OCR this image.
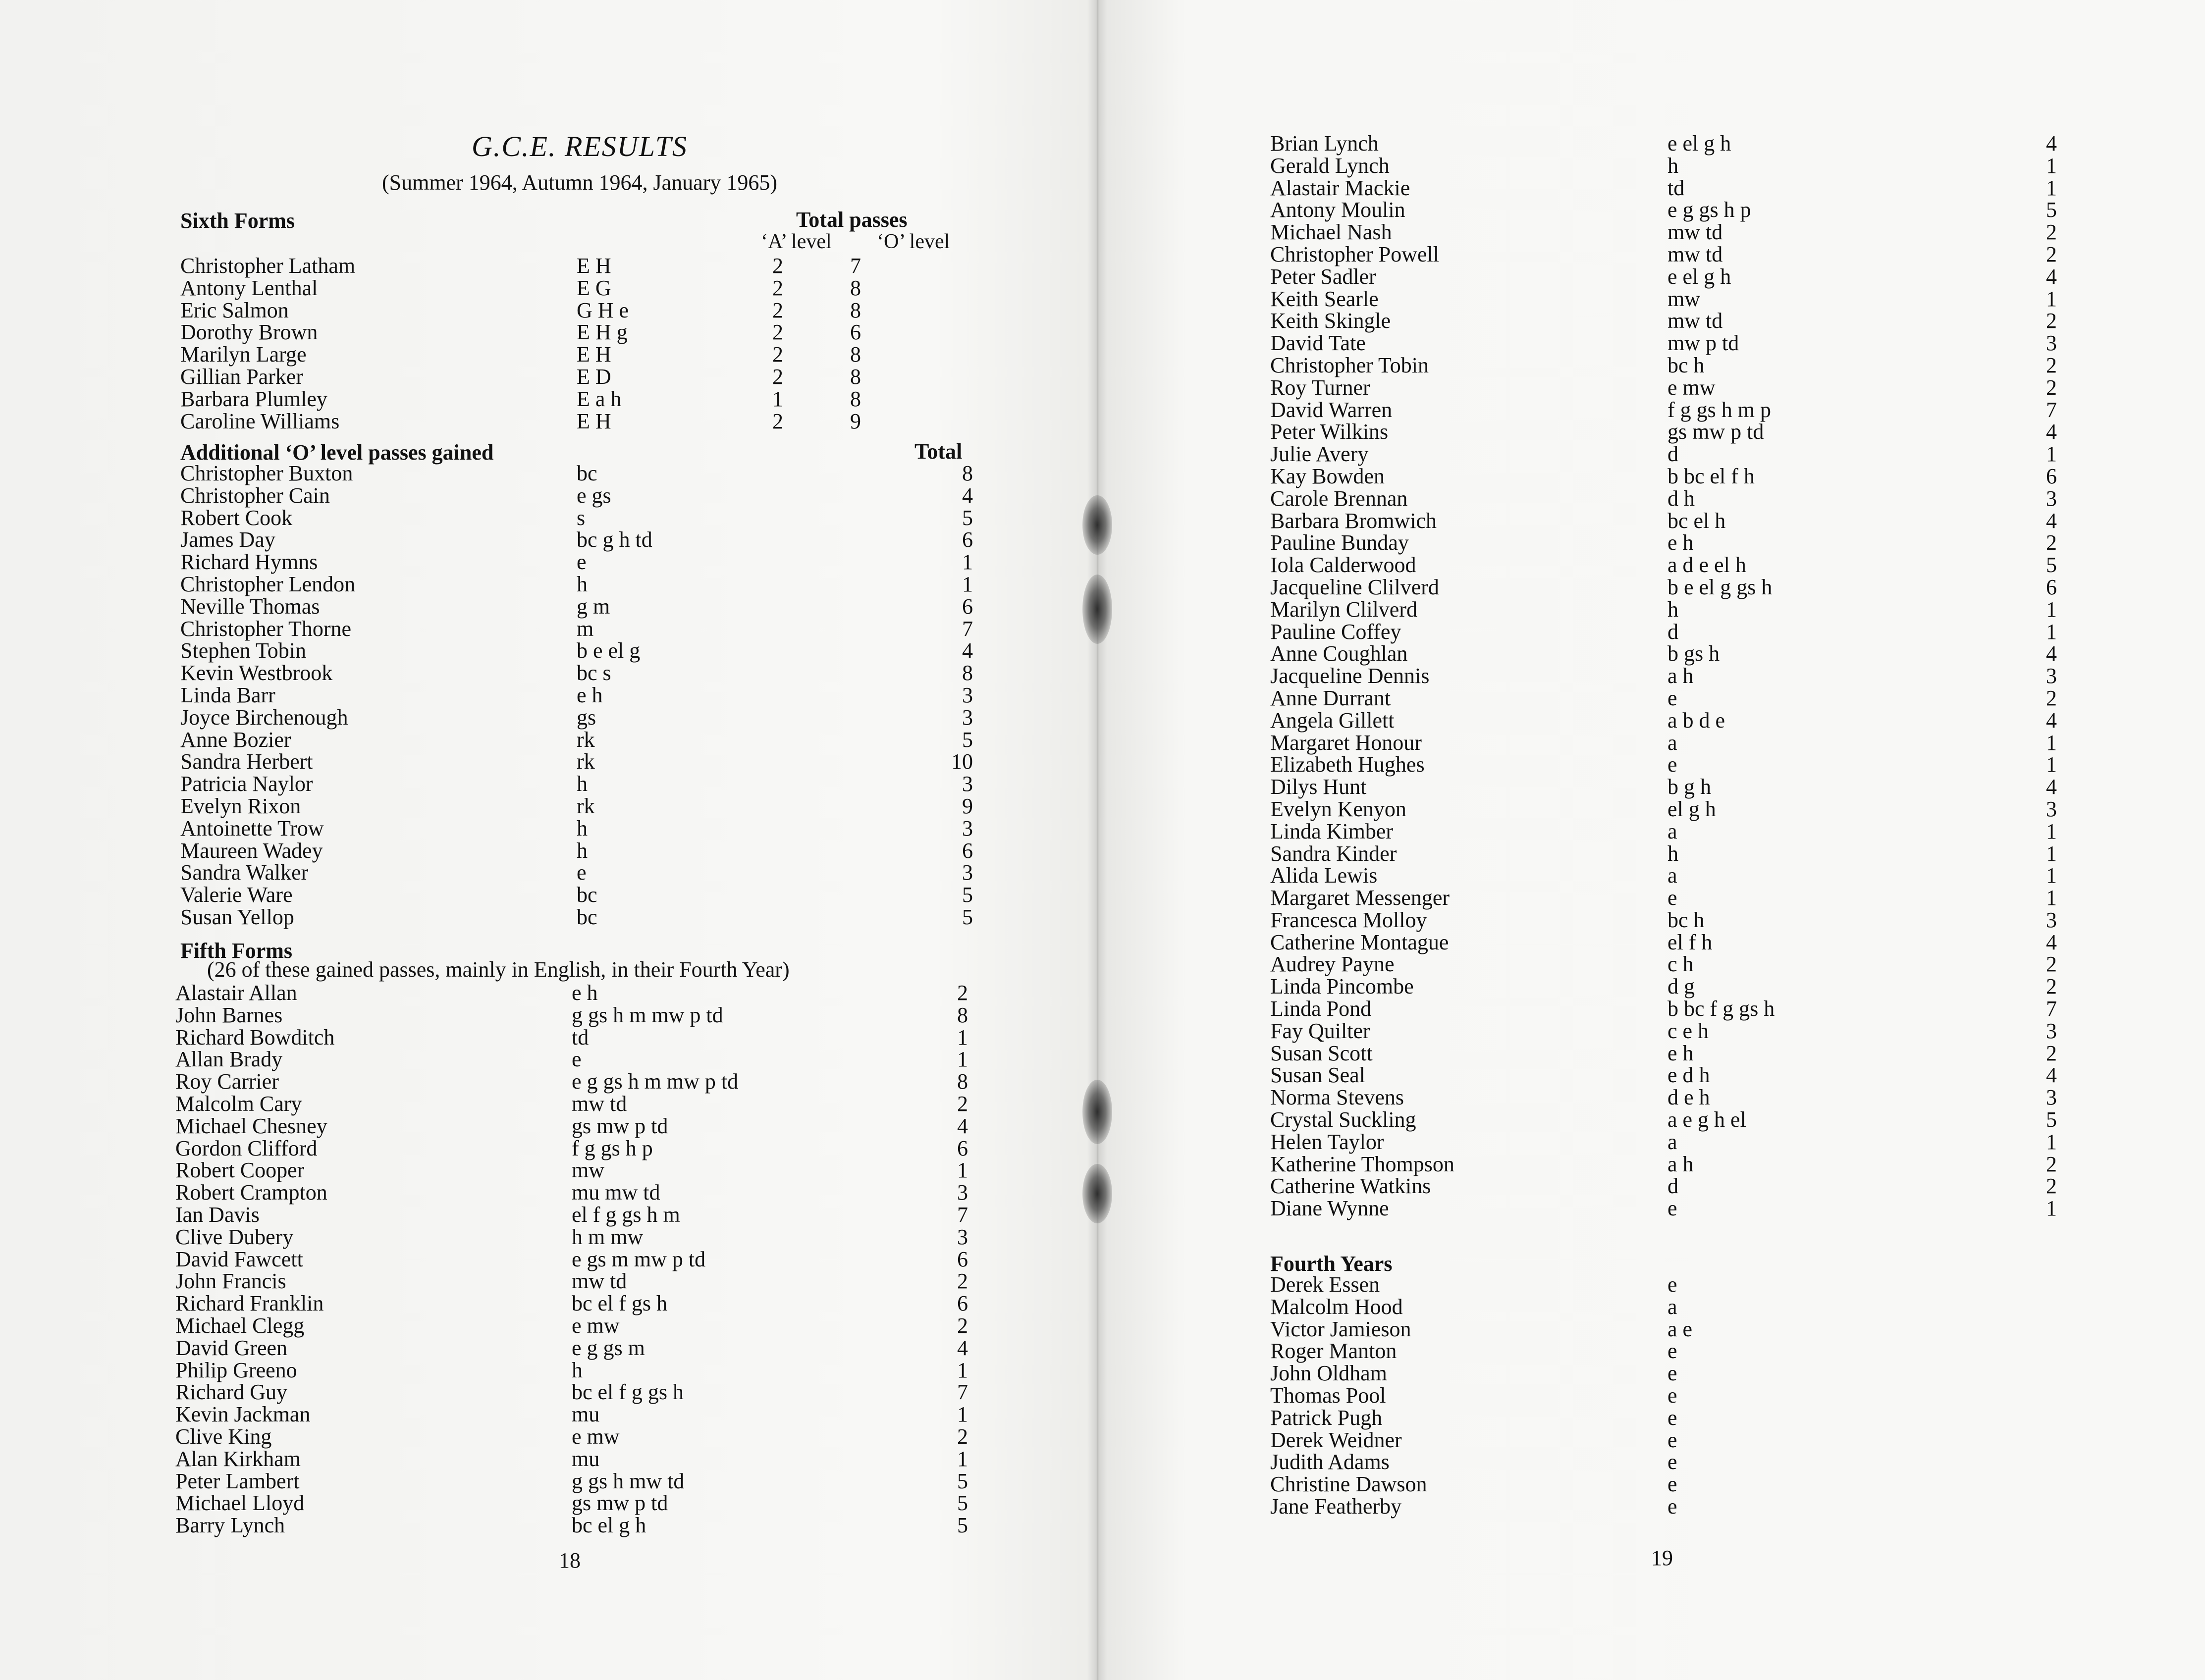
G.C.E. RESULTS
(Summer 1964, Autumn 1964, January 1965)
Sixth Forms	Total passes
‘A’ level ‘O’ level
Christopher Latham	E H	2	7
Antony Lenthal	E G	2	8
Eric Salmon	G H e	2	8
Dorothy Brown	E H g	2	6
Marilyn Large	E H	2	8
Gillian Parker	E D	2	8
Barbara Plumley	E a h	1	8
Caroline Williams	E H	2	9
Additional ‘O’ level passes gained	Total
Christopher Buxton	bc	8
Christopher Cain	e gs	4
Robert Cook	s	5
James Day	bc g h td	6
Richard Hymns	e	1
Christopher Lendon	h	1
Neville Thomas	g m	6
Christopher Thorne	m	7
Stephen Tobin	b e el g	4
Kevin Westbrook	bc s	8
Linda Barr	e h	3
Joyce Birchenough	gs	3
Anne Bozier	rk	5
Sandra Herbert	rk	10
Patricia Naylor	h	3
Evelyn Rixon	rk	9
Antoinette Trow	h	3
Maureen Wadey	h	6
Sandra Walker	e	3
Valerie Ware	bc	5
Susan Yellop	bc	5
Fifth Forms
(26 of these gained passes, mainly in English, in their Fourth Year)
Alastair Allan	e h	2
John Barnes	g gs h m mw p td	8
Richard Bowditch	td	1
Allan Brady	e	1
Roy Carrier	e g gs h m mw p td	8
Malcolm Cary	mw td	2
Michael Chesney	gs mw p td	4
Gordon Clifford	f g gs h p	6
Robert Cooper	mw	1
Robert Crampton	mu mw td	3
Ian Davis	el f g gs h m	7
Clive Dubery	h m mw	3
David Fawcett	e gs m mw p td	6
John Francis	mw td	2
Richard Franklin	bc el f gs h	6
Michael Clegg	e mw	2
David Green	e g gs m	4
Philip Greeno	h	1
Richard Guy	bc el f g gs h	7
Kevin Jackman	mu	1
Clive King	e mw	2
Alan Kirkham	mu	1
Peter Lambert	g gs h mw td	5
Michael Lloyd	gs mw p td	5
Barry Lynch	bc el g h	5
18
Brian Lynch	e el g h	4
Gerald Lynch	h	1
Alastair Mackie	td	1
Antony Moulin	e g gs h p	5
Michael Nash	mw td	2
Christopher Powell	mw td	2
Peter Sadler	e el g h	4
Keith Searle	mw	1
Keith Skingle	mw td	2
David Tate	mw p td	3
Christopher Tobin	bc h	2
Roy Turner	e mw	2
David Warren	f g gs h m p	7
Peter Wilkins	gs mw p td	4
Julie Avery	d	1
Kay Bowden	b bc el f h	6
Carole Brennan	d h	3
Barbara Bromwich	bc el h	4
Pauline Bunday	e h	2
Iola Calderwood	a d e el h	5
Jacqueline Clilverd	b e el g gs h	6
Marilyn Clilverd	h	1
Pauline Coffey	d	1
Anne Coughlan	b gs h	4
Jacqueline Dennis	a h	3
Anne Durrant	e	2
Angela Gillett	a b d e	4
Margaret Honour	a	1
Elizabeth Hughes	e	1
Dilys Hunt	b g h	4
Evelyn Kenyon	el g h	3
Linda Kimber	a	1
Sandra Kinder	h	1
Alida Lewis	a	1
Margaret Messenger	e	1
Francesca Molloy	bc h	3
Catherine Montague	el f h	4
Audrey Payne	c h	2
Linda Pincombe	d g	2
Linda Pond	b bc f g gs h	7
Fay Quilter	c e h	3
Susan Scott	e h	2
Susan Seal	e d h	4
Norma Stevens	d e h	3
Crystal Suckling	a e g h el	5
Helen Taylor	a	1
Katherine Thompson	a h	2
Catherine Watkins	d	2
Diane Wynne	e	1
Fourth Years
Derek Essen	e
Malcolm Hood	a
Victor Jamieson	a e
Roger Manton	e
John Oldham	e
Thomas Pool	e
Patrick Pugh	e
Derek Weidner	e
Judith Adams	e
Christine Dawson	e
Jane Featherby	e
19
